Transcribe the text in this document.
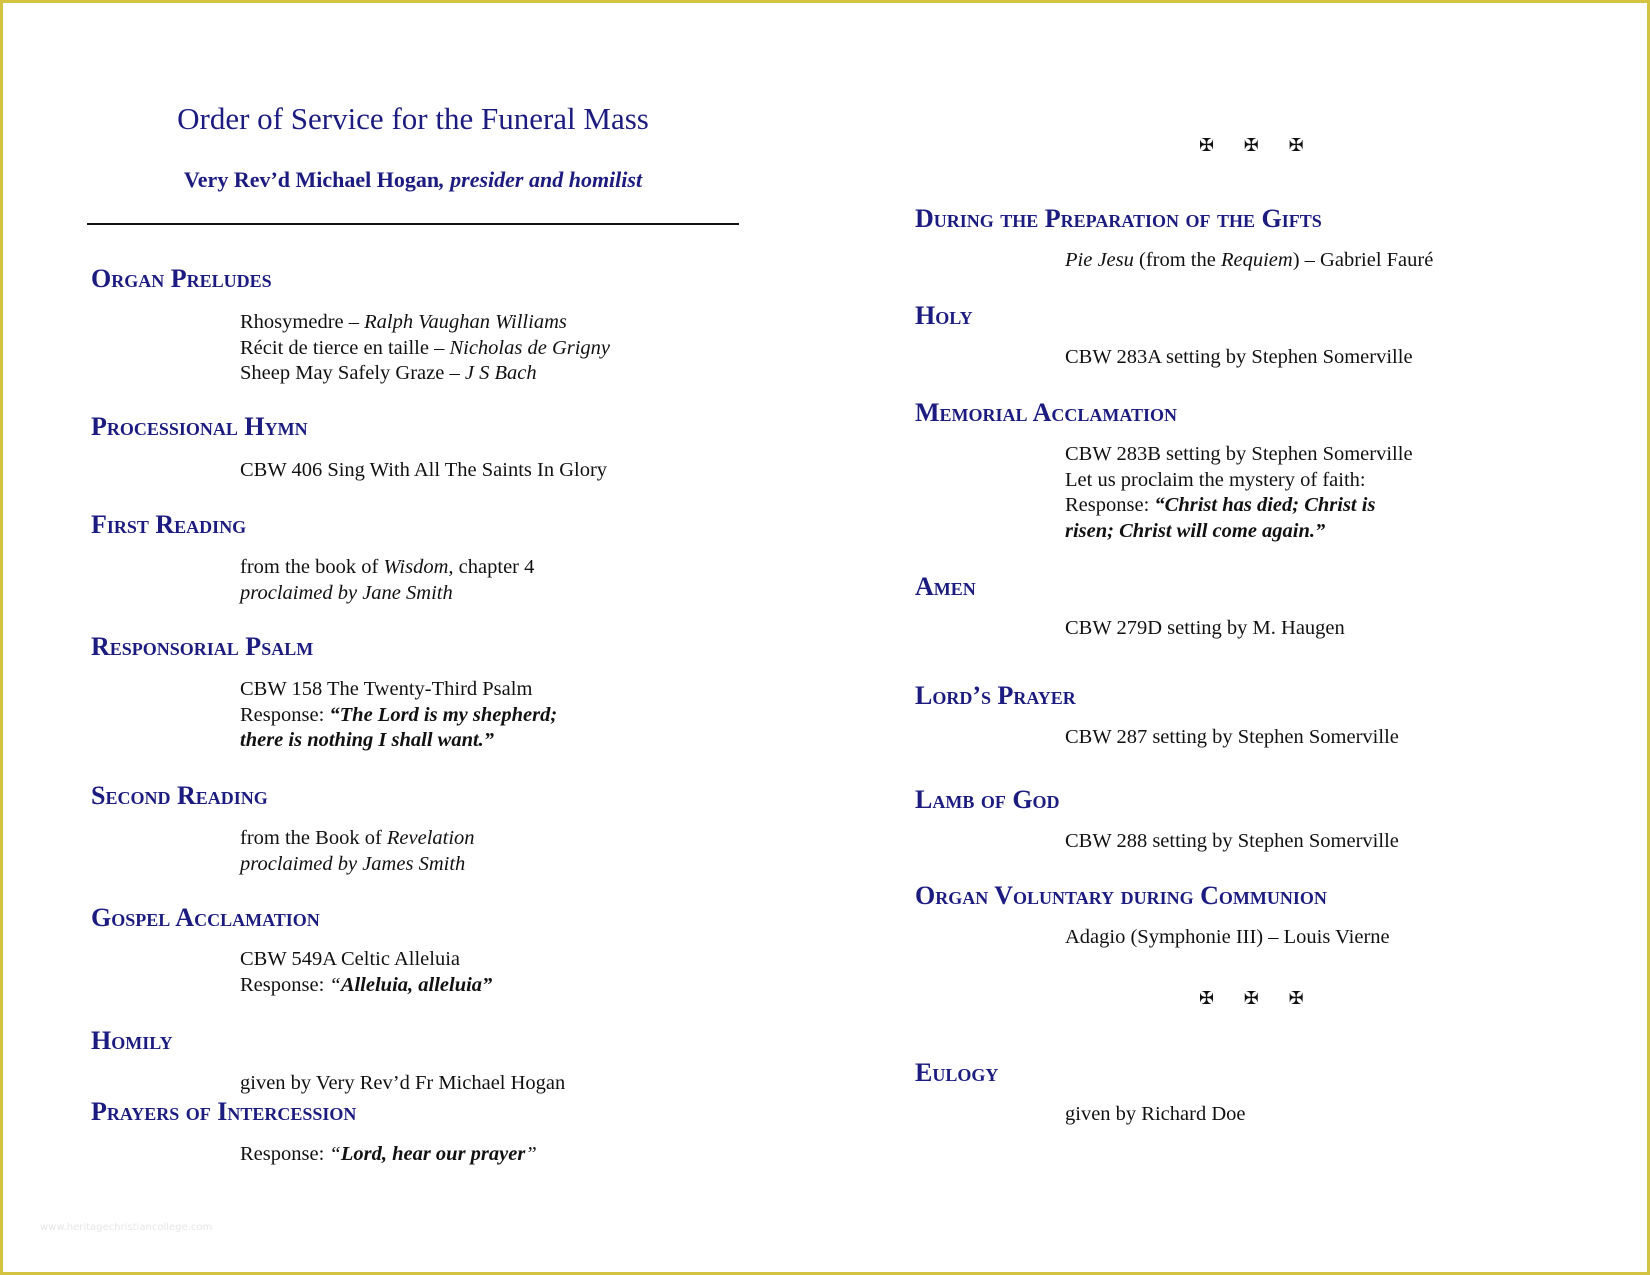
Order of Service for the Funeral Mass
Very Rev’d Michael Hogan, presider and homilist
Organ Preludes
Rhosymedre – Ralph Vaughan Williams
Récit de tierce en taille – Nicholas de Grigny
Sheep May Safely Graze – J S Bach
Processional Hymn
CBW 406 Sing With All The Saints In Glory
First Reading
from the book of Wisdom, chapter 4
proclaimed by Jane Smith
Responsorial Psalm
CBW 158 The Twenty-Third Psalm
Response: “The Lord is my shepherd;
there is nothing I shall want.”
Second Reading
from the Book of Revelation
proclaimed by James Smith
Gospel Acclamation
CBW 549A Celtic Alleluia
Response: “Alleluia, alleluia”
Homily
given by Very Rev’d Fr Michael Hogan
Prayers of Intercession
Response: “Lord, hear our prayer”
✠ ✠ ✠
During the Preparation of the Gifts
Pie Jesu (from the Requiem) – Gabriel Fauré
Holy
CBW 283A setting by Stephen Somerville
Memorial Acclamation
CBW 283B setting by Stephen Somerville
Let us proclaim the mystery of faith:
Response: “Christ has died; Christ is
risen; Christ will come again.”
Amen
CBW 279D setting by M. Haugen
Lord’s Prayer
CBW 287 setting by Stephen Somerville
Lamb of God
CBW 288 setting by Stephen Somerville
Organ Voluntary during Communion
Adagio (Symphonie III) – Louis Vierne
✠ ✠ ✠
Eulogy
given by Richard Doe
www.heritagechristiancollege.com
